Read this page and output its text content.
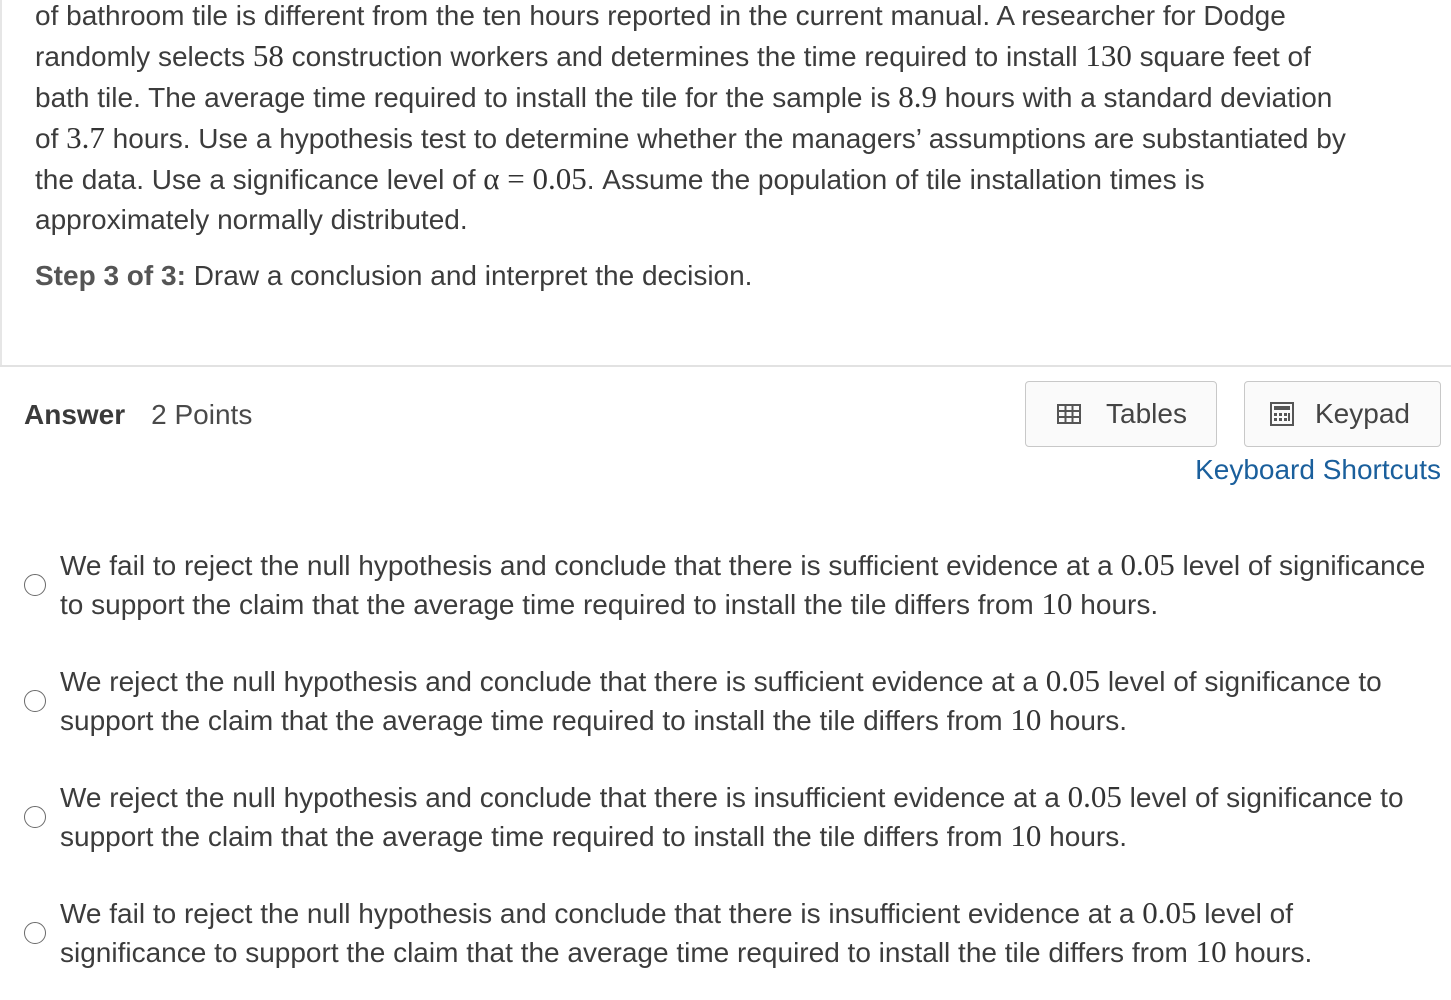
of bathroom tile is different from the ten hours reported in the current manual. A researcher for Dodge
randomly selects 58 construction workers and determines the time required to install 130 square feet of
bath tile. The average time required to install the tile for the sample is 8.9 hours with a standard deviation
of 3.7 hours. Use a hypothesis test to determine whether the managers’ assumptions are substantiated by
the data. Use a significance level of α = 0.05. Assume the population of tile installation times is
approximately normally distributed.

Step 3 of 3: Draw a conclusion and interpret the decision.

Answer 2 Points	Tables	Keypad
Keyboard Shortcuts
We fail to reject the null hypothesis and conclude that there is sufficient evidence at a 0.05 level of significance to support the claim that the average time required to install the tile differs from 10 hours.
We reject the null hypothesis and conclude that there is sufficient evidence at a 0.05 level of significance to support the claim that the average time required to install the tile differs from 10 hours.
We reject the null hypothesis and conclude that there is insufficient evidence at a 0.05 level of significance to support the claim that the average time required to install the tile differs from 10 hours.
We fail to reject the null hypothesis and conclude that there is insufficient evidence at a 0.05 level of significance to support the claim that the average time required to install the tile differs from 10 hours.
